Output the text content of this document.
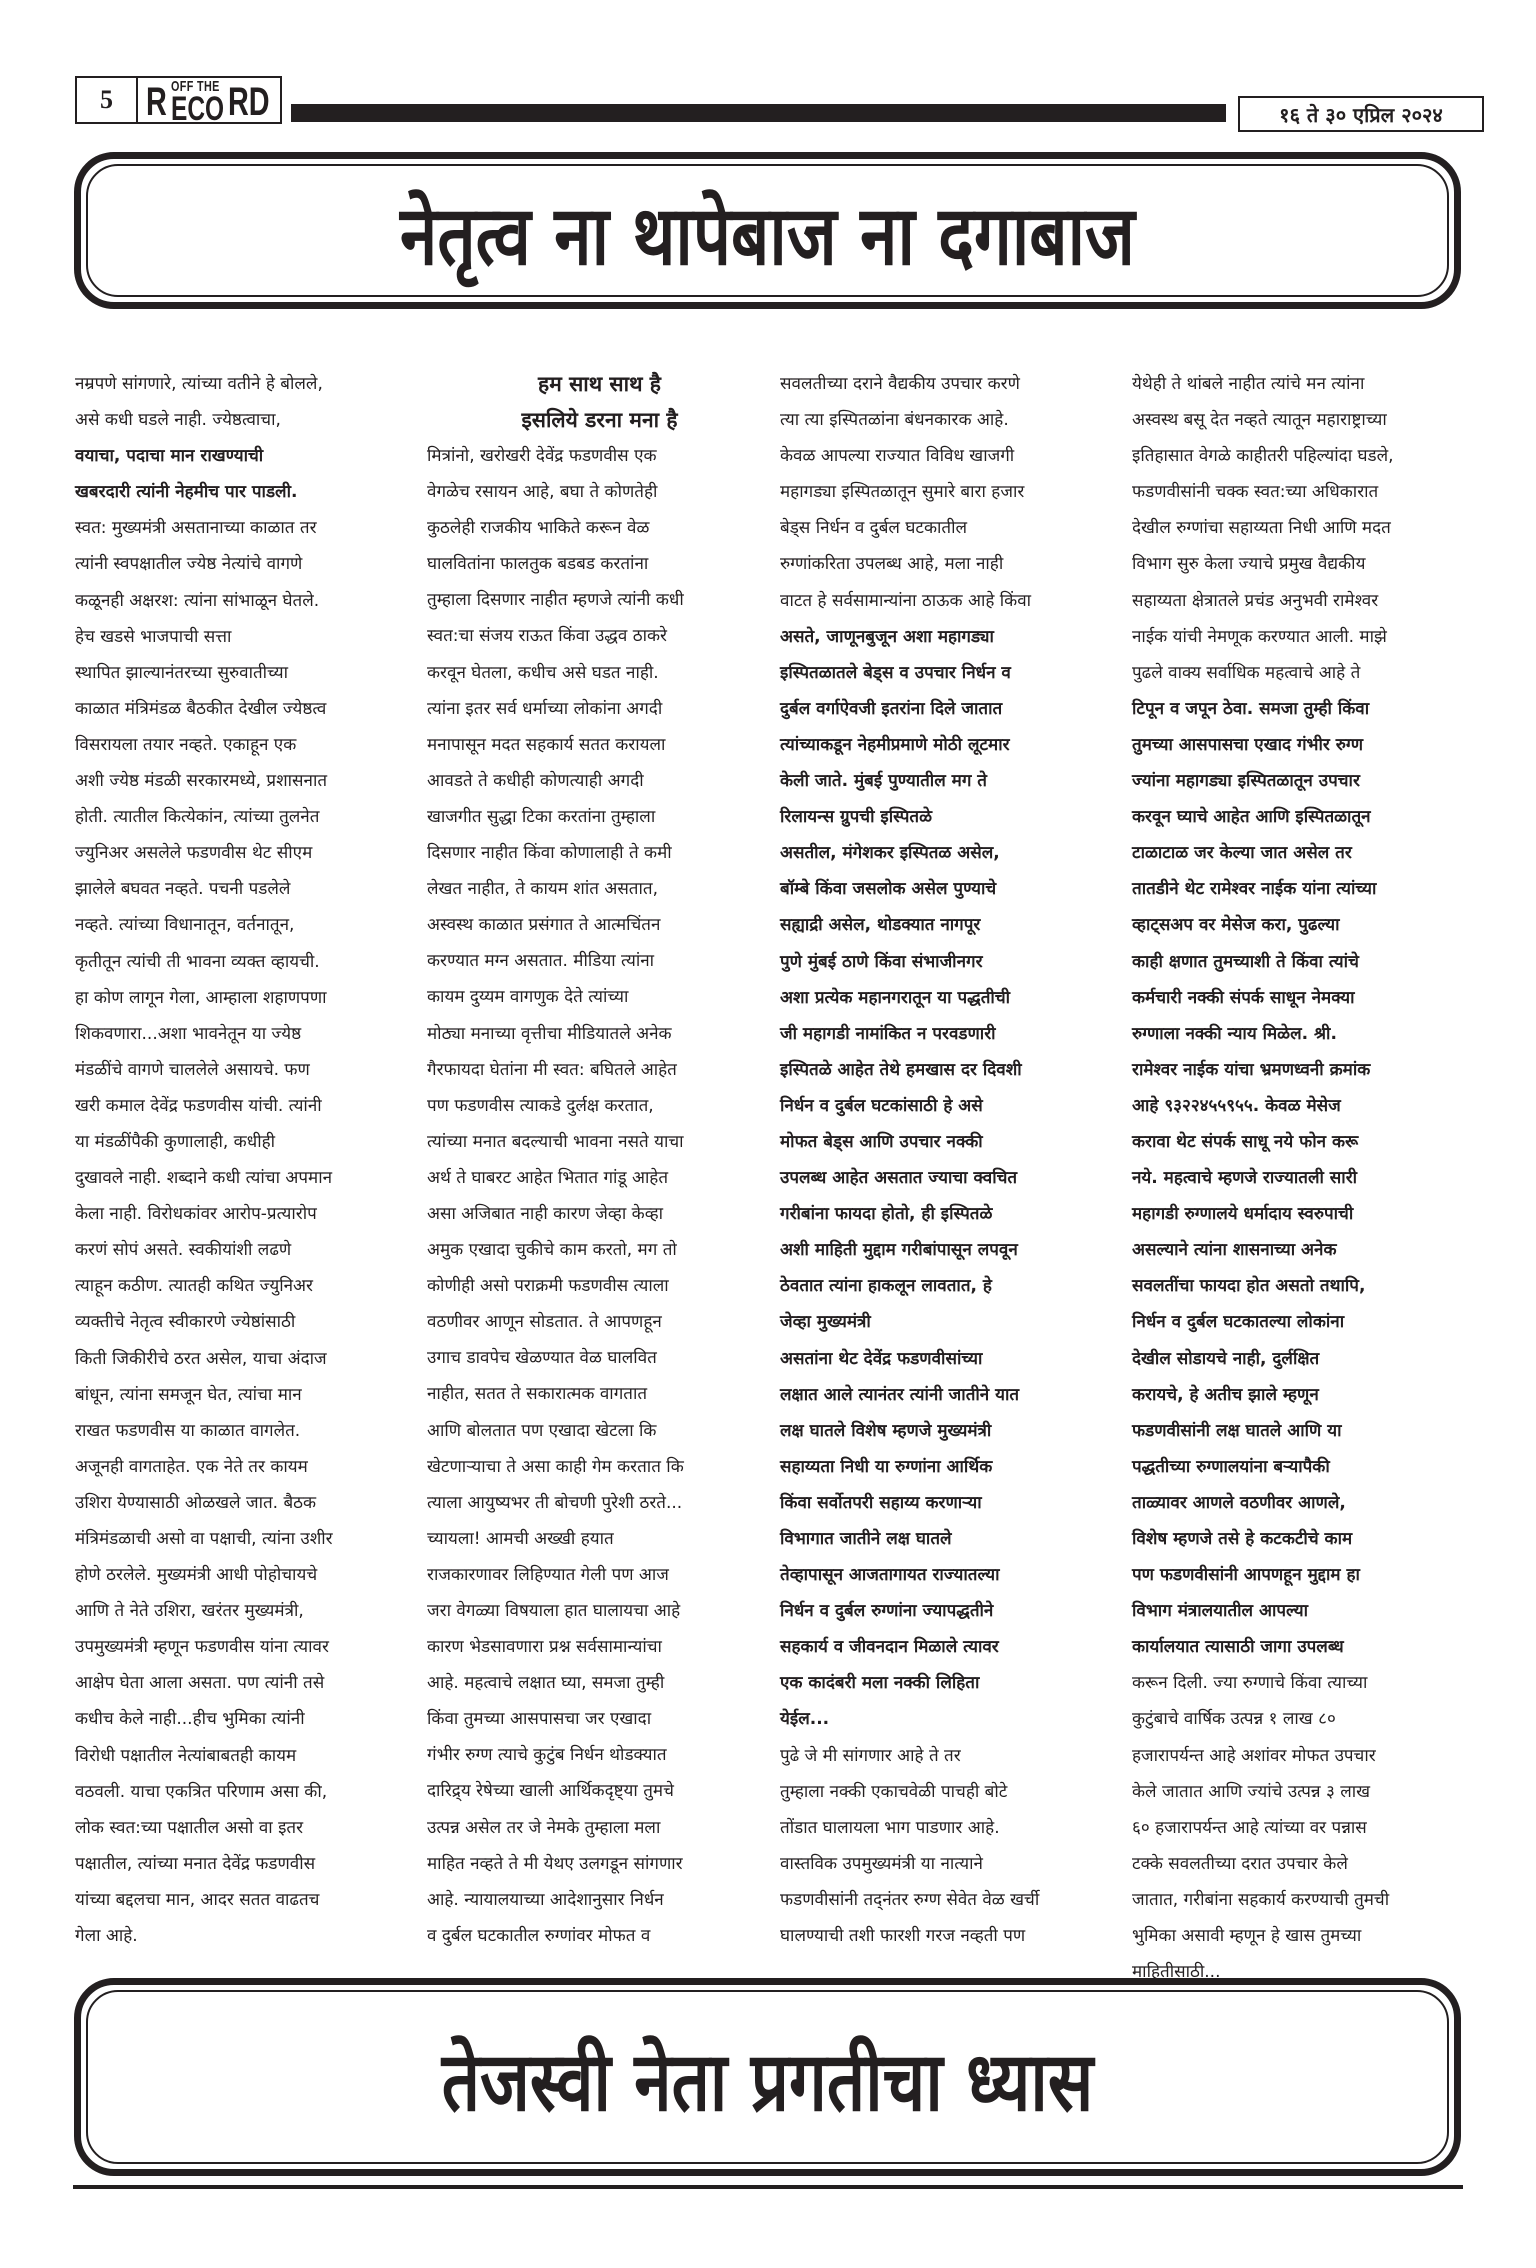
5 R OFF THE
ECO RD	१६ ते ३० एप्रिल २०२४
नेतृत्व ना थापेबाज ना दगाबाज
नम्रपणे सांगणारे, त्यांच्या वतीने हे बोलले,
असे कधी घडले नाही. ज्येष्ठत्वाचा,
वयाचा, पदाचा मान राखण्याची
खबरदारी त्यांनी नेहमीच पार पाडली.
स्वत: मुख्यमंत्री असतानाच्या काळात तर
त्यांनी स्वपक्षातील ज्येष्ठ नेत्यांचे वागणे
कळूनही अक्षरश: त्यांना सांभाळून घेतले.
हेच खडसे भाजपाची सत्ता
स्थापित झाल्यानंतरच्या सुरुवातीच्या
काळात मंत्रिमंडळ बैठकीत देखील ज्येष्ठत्व
विसरायला तयार नव्हते. एकाहून एक
अशी ज्येष्ठ मंडळी सरकारमध्ये, प्रशासनात
होती. त्यातील कित्येकांन, त्यांच्या तुलनेत
ज्युनिअर असलेले फडणवीस थेट सीएम
झालेले बघवत नव्हते. पचनी पडलेले
नव्हते. त्यांच्या विधानातून, वर्तनातून,
कृतीतून त्यांची ती भावना व्यक्त व्हायची.
हा कोण लागून गेला, आम्हाला शहाणपणा
शिकवणारा...अशा भावनेतून या ज्येष्ठ
मंडळींचे वागणे चाललेले असायचे. फण
खरी कमाल देवेंद्र फडणवीस यांची. त्यांनी
या मंडळींपैकी कुणालाही, कधीही
दुखावले नाही. शब्दाने कधी त्यांचा अपमान
केला नाही. विरोधकांवर आरोप-प्रत्यारोप
करणं सोपं असते. स्वकीयांशी लढणे
त्याहून कठीण. त्यातही कथित ज्युनिअर
व्यक्तीचे नेतृत्व स्वीकारणे ज्येष्ठांसाठी
किती जिकीरीचे ठरत असेल, याचा अंदाज
बांधून, त्यांना समजून घेत, त्यांचा मान
राखत फडणवीस या काळात वागलेत.
अजूनही वागताहेत. एक नेते तर कायम
उशिरा येण्यासाठी ओळखले जात. बैठक
मंत्रिमंडळाची असो वा पक्षाची, त्यांना उशीर
होणे ठरलेले. मुख्यमंत्री आधी पोहोचायचे
आणि ते नेते उशिरा, खरंतर मुख्यमंत्री,
उपमुख्यमंत्री म्हणून फडणवीस यांना त्यावर
आक्षेप घेता आला असता. पण त्यांनी तसे
कधीच केले नाही...हीच भुमिका त्यांनी
विरोधी पक्षातील नेत्यांबाबतही कायम
वठवली. याचा एकत्रित परिणाम असा की,
लोक स्वत:च्या पक्षातील असो वा इतर
पक्षातील, त्यांच्या मनात देवेंद्र फडणवीस
यांच्या बद्दलचा मान, आदर सतत वाढतच
गेला आहे.
हम साथ साथ है
इसलिये डरना मना है
मित्रांनो, खरोखरी देवेंद्र फडणवीस एक
वेगळेच रसायन आहे, बघा ते कोणतेही
कुठलेही राजकीय भाकिते करून वेळ
घालवितांना फालतुक बडबड करतांना
तुम्हाला दिसणार नाहीत म्हणजे त्यांनी कधी
स्वत:चा संजय राऊत किंवा उद्धव ठाकरे
करवून घेतला, कधीच असे घडत नाही.
त्यांना इतर सर्व धर्माच्या लोकांना अगदी
मनापासून मदत सहकार्य सतत करायला
आवडते ते कधीही कोणत्याही अगदी
खाजगीत सुद्धा टिका करतांना तुम्हाला
दिसणार नाहीत किंवा कोणालाही ते कमी
लेखत नाहीत, ते कायम शांत असतात,
अस्वस्थ काळात प्रसंगात ते आत्मचिंतन
करण्यात मग्न असतात. मीडिया त्यांना
कायम दुय्यम वागणुक देते त्यांच्या
मोठ्या मनाच्या वृत्तीचा मीडियातले अनेक
गैरफायदा घेतांना मी स्वत: बघितले आहेत
पण फडणवीस त्याकडे दुर्लक्ष करतात,
त्यांच्या मनात बदल्याची भावना नसते याचा
अर्थ ते घाबरट आहेत भितात गांडू आहेत
असा अजिबात नाही कारण जेव्हा केव्हा
अमुक एखादा चुकीचे काम करतो, मग तो
कोणीही असो पराक्रमी फडणवीस त्याला
वठणीवर आणून सोडतात. ते आपणहून
उगाच डावपेच खेळण्यात वेळ घालवित
नाहीत, सतत ते सकारात्मक वागतात
आणि बोलतात पण एखादा खेटला कि
खेटणाऱ्याचा ते असा काही गेम करतात कि
त्याला आयुष्यभर ती बोचणी पुरेशी ठरते...
च्यायला! आमची अख्खी हयात
राजकारणावर लिहिण्यात गेली पण आज
जरा वेगळ्या विषयाला हात घालायचा आहे
कारण भेडसावणारा प्रश्न सर्वसामान्यांचा
आहे. महत्वाचे लक्षात घ्या, समजा तुम्ही
किंवा तुमच्या आसपासचा जर एखादा
गंभीर रुग्ण त्याचे कुटुंब निर्धन थोडक्यात
दारिद्र्य रेषेच्या खाली आर्थिकदृष्ट्या तुमचे
उत्पन्न असेल तर जे नेमके तुम्हाला मला
माहित नव्हते ते मी येथए उलगडून सांगणार
आहे. न्यायालयाच्या आदेशानुसार निर्धन
व दुर्बल घटकातील रुग्णांवर मोफत व
सवलतीच्या दराने वैद्यकीय उपचार करणे
त्या त्या इस्पितळांना बंधनकारक आहे.
केवळ आपल्या राज्यात विविध खाजगी
महागड्या इस्पितळातून सुमारे बारा हजार
बेड्स निर्धन व दुर्बल घटकातील
रुग्णांकरिता उपलब्ध आहे, मला नाही
वाटत हे सर्वसामान्यांना ठाऊक आहे किंवा
असते, जाणूनबुजून अशा महागड्या
इस्पितळातले बेड्स व उपचार निर्धन व
दुर्बल वर्गाऐवजी इतरांना दिले जातात
त्यांच्याकडून नेहमीप्रमाणे मोठी लूटमार
केली जाते. मुंबई पुण्यातील मग ते
रिलायन्स ग्रुपची इस्पितळे
असतील, मंगेशकर इस्पितळ असेल,
बॉम्बे किंवा जसलोक असेल पुण्याचे
सह्याद्री असेल, थोडक्यात नागपूर
पुणे मुंबई ठाणे किंवा संभाजीनगर
अशा प्रत्येक महानगरातून या पद्धतीची
जी महागडी नामांकित न परवडणारी
इस्पितळे आहेत तेथे हमखास दर दिवशी
निर्धन व दुर्बल घटकांसाठी हे असे
मोफत बेड्स आणि उपचार नक्की
उपलब्ध आहेत असतात ज्याचा क्वचित
गरीबांना फायदा होतो, ही इस्पितळे
अशी माहिती मुद्दाम गरीबांपासून लपवून
ठेवतात त्यांना हाकलून लावतात, हे
जेव्हा मुख्यमंत्री
असतांना थेट देवेंद्र फडणवीसांच्या
लक्षात आले त्यानंतर त्यांनी जातीने यात
लक्ष घातले विशेष म्हणजे मुख्यमंत्री
सहाय्यता निधी या रुग्णांना आर्थिक
किंवा सर्वोतपरी सहाय्य करणाऱ्या
विभागात जातीने लक्ष घातले
तेव्हापासून आजतागायत राज्यातल्या
निर्धन व दुर्बल रुग्णांना ज्यापद्धतीने
सहकार्य व जीवनदान मिळाले त्यावर
एक कादंबरी मला नक्की लिहिता
येईल...
पुढे जे मी सांगणार आहे ते तर
तुम्हाला नक्की एकाचवेळी पाचही बोटे
तोंडात घालायला भाग पाडणार आहे.
वास्तविक उपमुख्यमंत्री या नात्याने
फडणवीसांनी तद्नंतर रुग्ण सेवेत वेळ खर्ची
घालण्याची तशी फारशी गरज नव्हती पण
येथेही ते थांबले नाहीत त्यांचे मन त्यांना
अस्वस्थ बसू देत नव्हते त्यातून महाराष्ट्राच्या
इतिहासात वेगळे काहीतरी पहिल्यांदा घडले,
फडणवीसांनी चक्क स्वत:च्या अधिकारात
देखील रुग्णांचा सहाय्यता निधी आणि मदत
विभाग सुरु केला ज्याचे प्रमुख वैद्यकीय
सहाय्यता क्षेत्रातले प्रचंड अनुभवी रामेश्वर
नाईक यांची नेमणूक करण्यात आली. माझे
पुढले वाक्य सर्वाधिक महत्वाचे आहे ते
टिपून व जपून ठेवा. समजा तुम्ही किंवा
तुमच्या आसपासचा एखाद गंभीर रुग्ण
ज्यांना महागड्या इस्पितळातून उपचार
करवून घ्याचे आहेत आणि इस्पितळातून
टाळाटाळ जर केल्या जात असेल तर
तातडीने थेट रामेश्वर नाईक यांना त्यांच्या
व्हाट्सअप वर मेसेज करा, पुढल्या
काही क्षणात तुमच्याशी ते किंवा त्यांचे
कर्मचारी नक्की संपर्क साधून नेमक्या
रुग्णाला नक्की न्याय मिळेल. श्री.
रामेश्वर नाईक यांचा भ्रमणध्वनी क्रमांक
आहे ९३२२४५५९५५. केवळ मेसेज
करावा थेट संपर्क साधू नये फोन करू
नये. महत्वाचे म्हणजे राज्यातली सारी
महागडी रुग्णालये धर्मादाय स्वरुपाची
असल्याने त्यांना शासनाच्या अनेक
सवलतींचा फायदा होत असतो तथापि,
निर्धन व दुर्बल घटकातल्या लोकांना
देखील सोडायचे नाही, दुर्लक्षित
करायचे, हे अतीच झाले म्हणून
फडणवीसांनी लक्ष घातले आणि या
पद्धतीच्या रुग्णालयांना बऱ्यापैकी
ताळ्यावर आणले वठणीवर आणले,
विशेष म्हणजे तसे हे कटकटीचे काम
पण फडणवीसांनी आपणहून मुद्दाम हा
विभाग मंत्रालयातील आपल्या
कार्यालयात त्यासाठी जागा उपलब्ध
करून दिली. ज्या रुग्णाचे किंवा त्याच्या
कुटुंबाचे वार्षिक उत्पन्न १ लाख ८०
हजारापर्यन्त आहे अशांवर मोफत उपचार
केले जातात आणि ज्यांचे उत्पन्न ३ लाख
६० हजारापर्यन्त आहे त्यांच्या वर पन्नास
टक्के सवलतीच्या दरात उपचार केले
जातात, गरीबांना सहकार्य करण्याची तुमची
भुमिका असावी म्हणून हे खास तुमच्या
माहितीसाठी...
तेजस्वी नेता प्रगतीचा ध्यास
